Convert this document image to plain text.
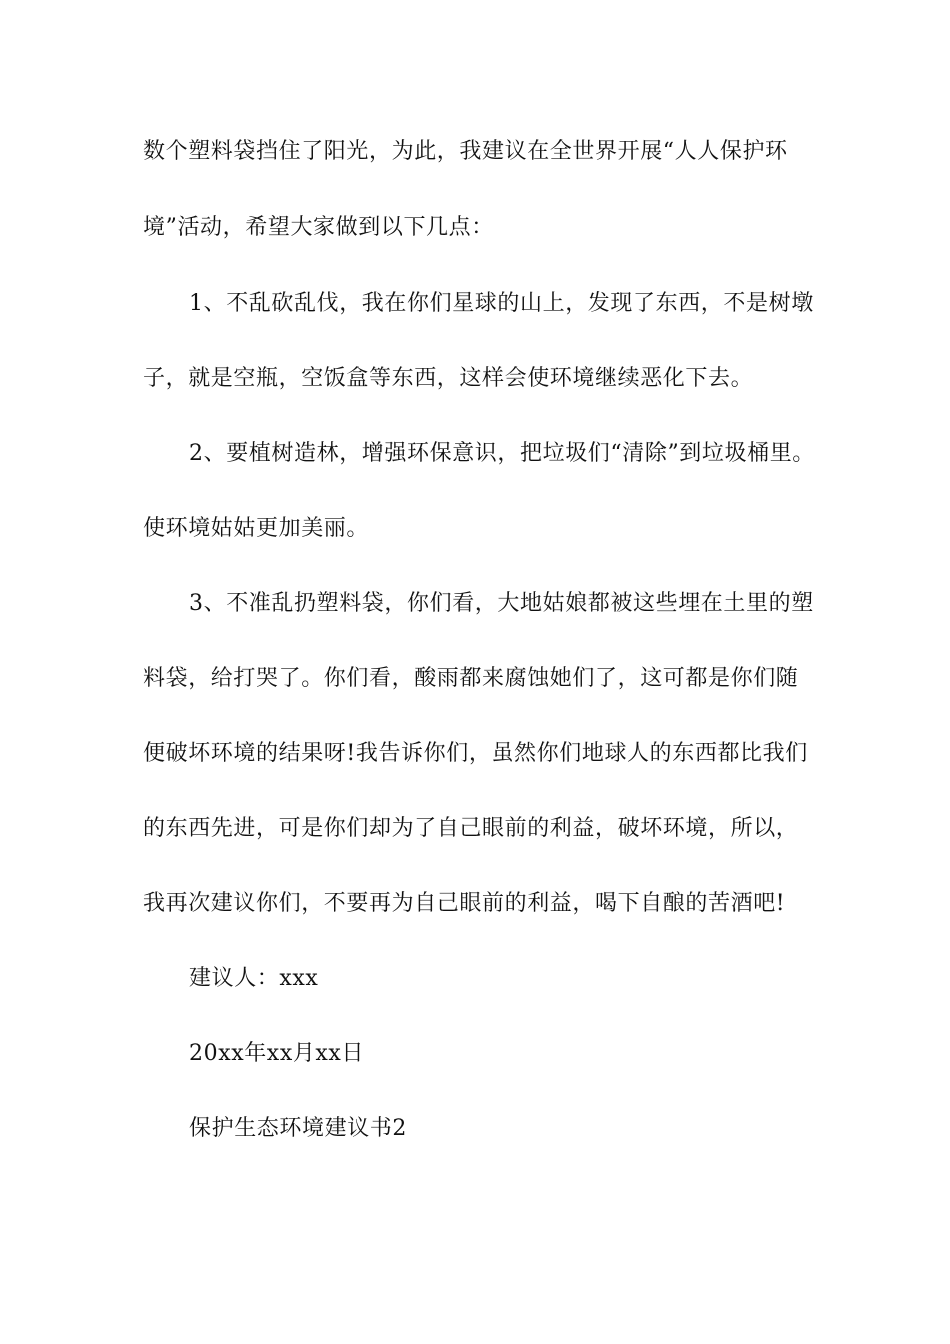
数个塑料袋挡住了阳光，为此，我建议在全世界开展“人人保护环
境”活动，希望大家做到以下几点：
1、不乱砍乱伐，我在你们星球的山上，发现了东西，不是树墩
子，就是空瓶，空饭盒等东西，这样会使环境继续恶化下去。
2、要植树造林，增强环保意识，把垃圾们“清除”到垃圾桶里。
使环境姑姑更加美丽。
3、不准乱扔塑料袋，你们看，大地姑娘都被这些埋在土里的塑
料袋，给打哭了。你们看，酸雨都来腐蚀她们了，这可都是你们随
便破坏环境的结果呀!我告诉你们，虽然你们地球人的东西都比我们
的东西先进，可是你们却为了自己眼前的利益，破坏环境，所以，
我再次建议你们，不要再为自己眼前的利益，喝下自酿的苦酒吧!
建议人：xxx
20xx年xx月xx日
保护生态环境建议书2
